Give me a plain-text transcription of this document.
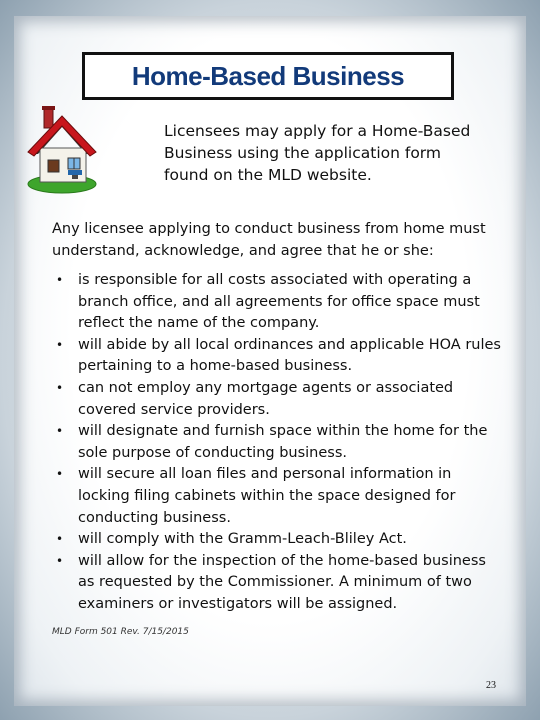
Home-Based Business
Licensees may apply for a Home-Based Business using the application form found on the MLD website.
Any licensee applying to conduct business from home must understand, acknowledge, and agree that he or she:
• is responsible for all costs associated with operating a branch office, and all agreements for office space must reflect the name of the company.
• will abide by all local ordinances and applicable HOA rules pertaining to a home-based business.
• can not employ any mortgage agents or associated covered service providers.
• will designate and furnish space within the home for the sole purpose of conducting business.
• will secure all loan files and personal information in locking filing cabinets within the space designed for conducting business.
• will comply with the Gramm-Leach-Bliley Act.
• will allow for the inspection of the home-based business as requested by the Commissioner. A minimum of two examiners or investigators will be assigned.
MLD Form 501 Rev. 7/15/2015
23
